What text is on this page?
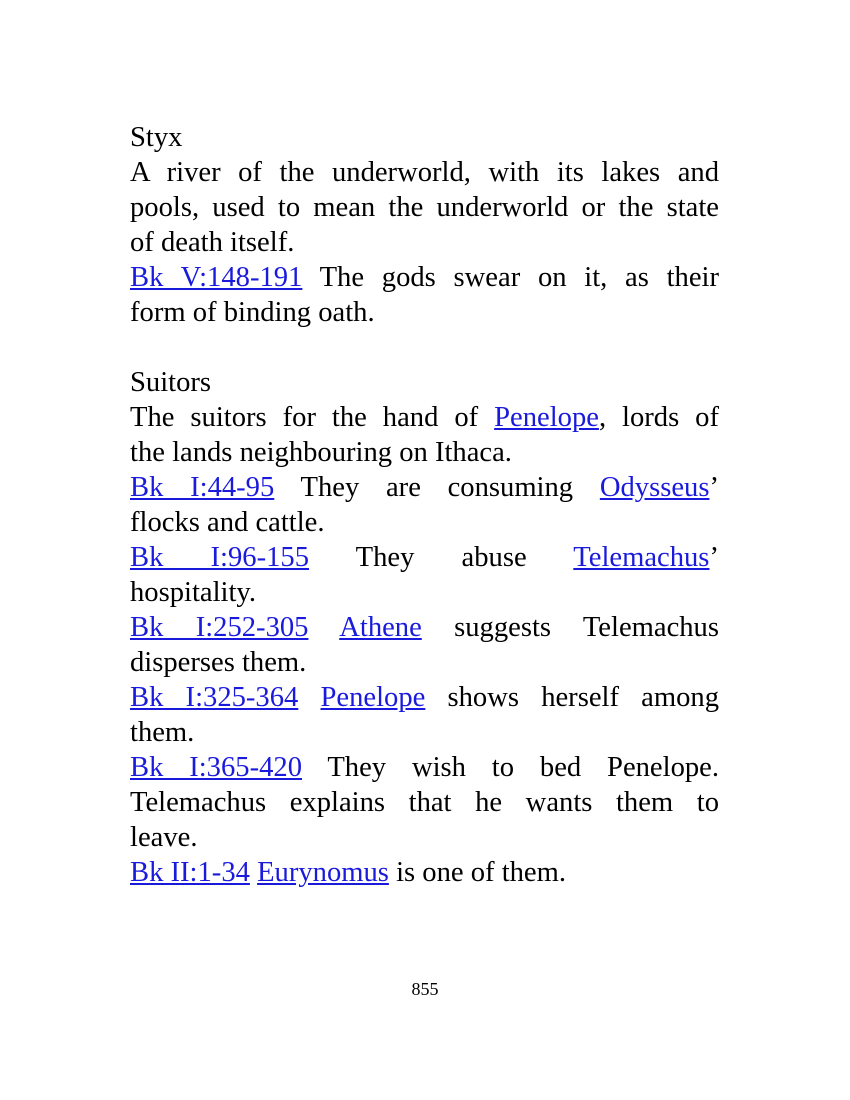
Styx
A river of the underworld, with its lakes and
pools, used to mean the underworld or the state
of death itself.
Bk V:148-191 The gods swear on it, as their
form of binding oath.
Suitors
The suitors for the hand of Penelope, lords of
the lands neighbouring on Ithaca.
Bk I:44-95 They are consuming Odysseus’
flocks and cattle.
Bk I:96-155 They abuse Telemachus’
hospitality.
Bk I:252-305 Athene suggests Telemachus
disperses them.
Bk I:325-364 Penelope shows herself among
them.
Bk I:365-420 They wish to bed Penelope.
Telemachus explains that he wants them to
leave.
Bk II:1-34 Eurynomus is one of them.
855
